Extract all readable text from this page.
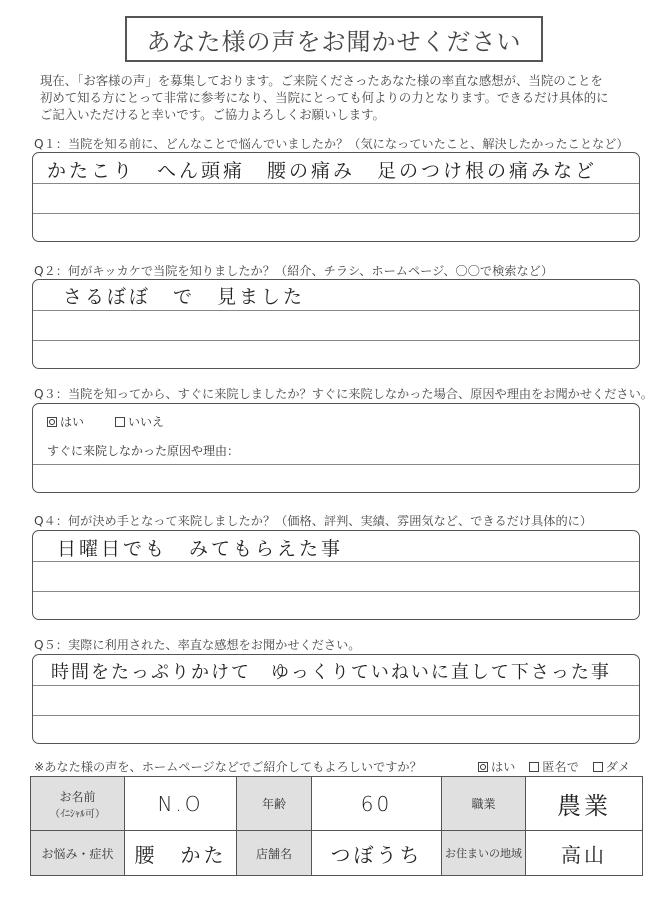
あなた様の声をお聞かせください
現在、「お客様の声」を募集しております。ご来院くださったあなた様の率直な感想が、当院のことを
初めて知る方にとって非常に参考になり、当院にとっても何よりの力となります。できるだけ具体的に
ご記入いただけると幸いです。ご協力よろしくお願いします。
Q１：当院を知る前に、どんなことで悩んでいましたか？（気になっていたこと、解決したかったことなど）
かたこり　へん頭痛　腰の痛み　足のつけ根の痛みなど
Q２：何がキッカケで当院を知りましたか？（紹介、チラシ、ホームページ、〇〇で検索など）
さるぼぼ　で　見ました
Q３：当院を知ってから、すぐに来院しましたか？すぐに来院しなかった場合、原因や理由をお聞かせください。
はい	いいえ
すぐに来院しなかった原因や理由：
Q４：何が決め手となって来院しましたか？（価格、評判、実績、雰囲気など、できるだけ具体的に）
日曜日でも　みてもらえた事
Q５：実際に利用された、率直な感想をお聞かせください。
時間をたっぷりかけて　ゆっくりていねいに直して下さった事
※あなた様の声を、ホームページなどでご紹介してもよろしいですか？	はい 匿名で ダメ
お名前
（ｲﾆｼｬﾙ可）	N.O	年齢	60	職業	農業
お悩み・症状	腰　かた	店舗名	つぼうち	お住まいの地域	高山
